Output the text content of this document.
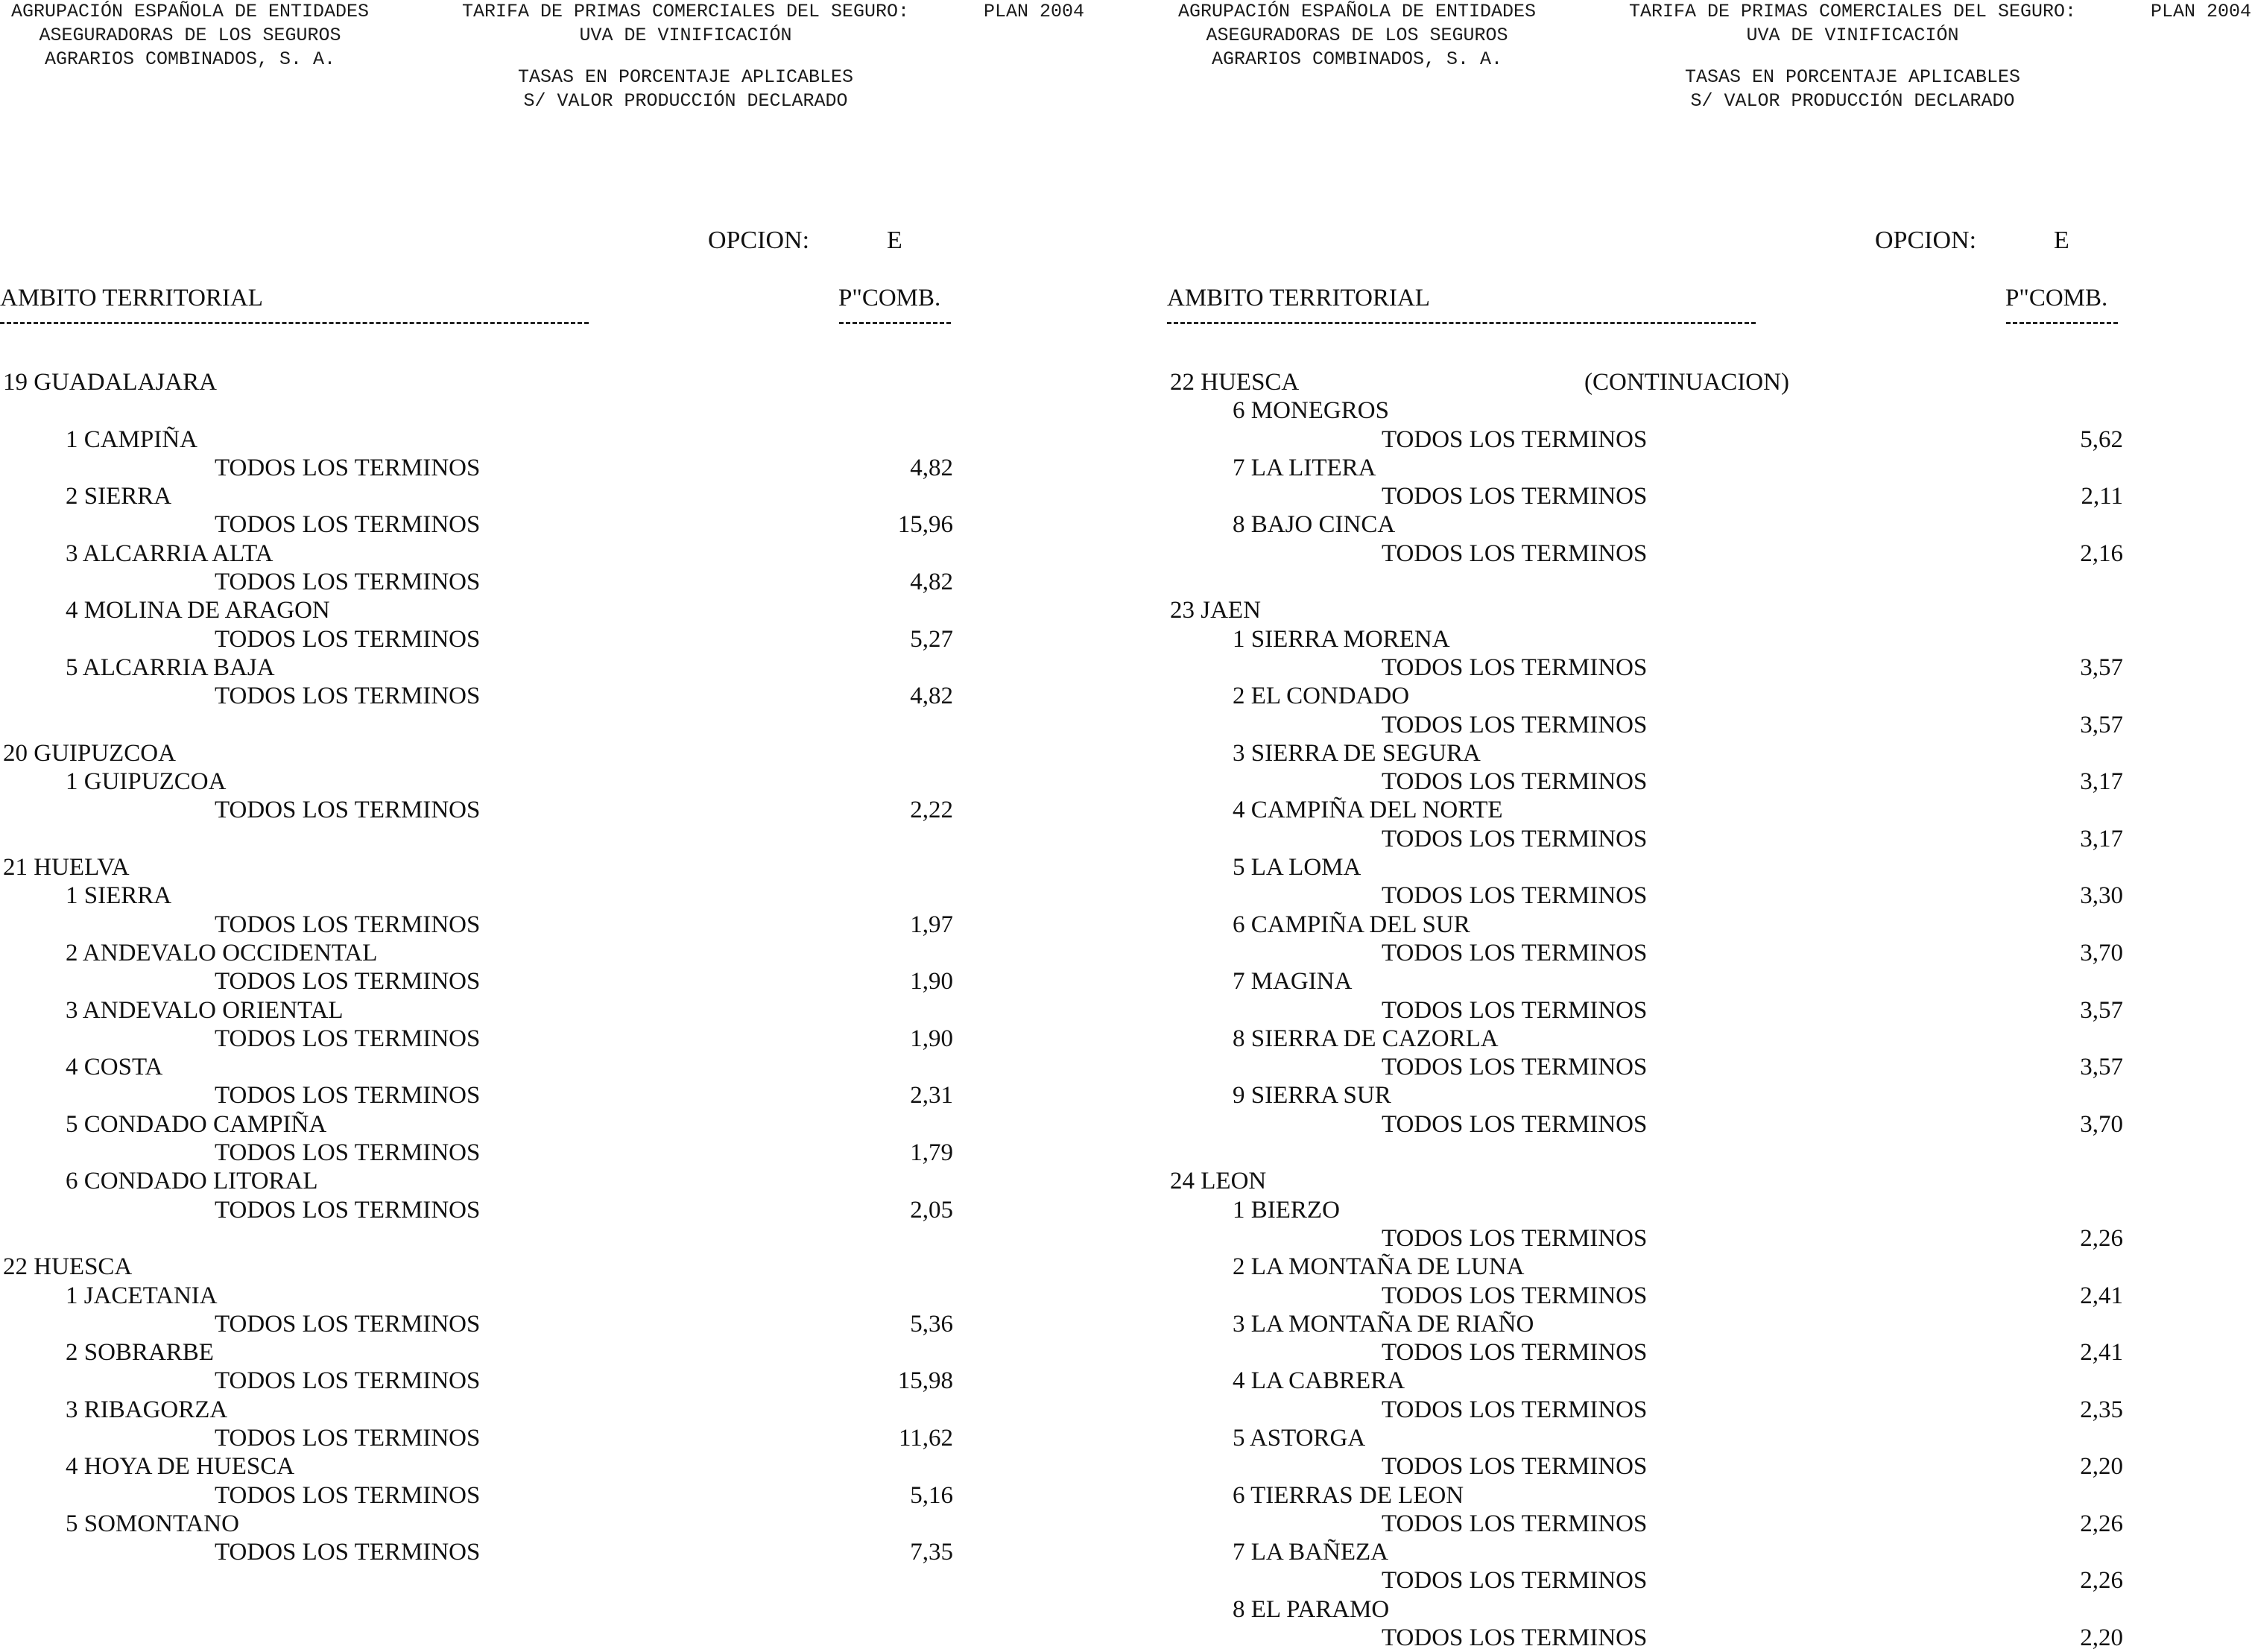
AGRUPACIÓN ESPAÑOLA DE ENTIDADES
ASEGURADORAS DE LOS SEGUROS
AGRARIOS COMBINADOS, S. A.
TARIFA DE PRIMAS COMERCIALES DEL SEGURO:
UVA DE VINIFICACIÓN
PLAN 2004
TASAS EN PORCENTAJE APLICABLES
S/ VALOR PRODUCCIÓN DECLARADO
OPCION:	E
AMBITO TERRITORIAL	P"COMB.
19 GUADALAJARA
1 CAMPIÑA
TODOS LOS TERMINOS	4,82
2 SIERRA
TODOS LOS TERMINOS	15,96
3 ALCARRIA ALTA
TODOS LOS TERMINOS	4,82
4 MOLINA DE ARAGON
TODOS LOS TERMINOS	5,27
5 ALCARRIA BAJA
TODOS LOS TERMINOS	4,82
20 GUIPUZCOA
1 GUIPUZCOA
TODOS LOS TERMINOS	2,22
21 HUELVA
1 SIERRA
TODOS LOS TERMINOS	1,97
2 ANDEVALO OCCIDENTAL
TODOS LOS TERMINOS	1,90
3 ANDEVALO ORIENTAL
TODOS LOS TERMINOS	1,90
4 COSTA
TODOS LOS TERMINOS	2,31
5 CONDADO CAMPIÑA
TODOS LOS TERMINOS	1,79
6 CONDADO LITORAL
TODOS LOS TERMINOS	2,05
22 HUESCA
1 JACETANIA
TODOS LOS TERMINOS	5,36
2 SOBRARBE
TODOS LOS TERMINOS	15,98
3 RIBAGORZA
TODOS LOS TERMINOS	11,62
4 HOYA DE HUESCA
TODOS LOS TERMINOS	5,16
5 SOMONTANO
TODOS LOS TERMINOS	7,35
AGRUPACIÓN ESPAÑOLA DE ENTIDADES
ASEGURADORAS DE LOS SEGUROS
AGRARIOS COMBINADOS, S. A.
TARIFA DE PRIMAS COMERCIALES DEL SEGURO:
UVA DE VINIFICACIÓN
PLAN 2004
TASAS EN PORCENTAJE APLICABLES
S/ VALOR PRODUCCIÓN DECLARADO
OPCION:	E
AMBITO TERRITORIAL	P"COMB.
22 HUESCA	(CONTINUACION)
6 MONEGROS
TODOS LOS TERMINOS	5,62
7 LA LITERA
TODOS LOS TERMINOS	2,11
8 BAJO CINCA
TODOS LOS TERMINOS	2,16
23 JAEN
1 SIERRA MORENA
TODOS LOS TERMINOS	3,57
2 EL CONDADO
TODOS LOS TERMINOS	3,57
3 SIERRA DE SEGURA
TODOS LOS TERMINOS	3,17
4 CAMPIÑA DEL NORTE
TODOS LOS TERMINOS	3,17
5 LA LOMA
TODOS LOS TERMINOS	3,30
6 CAMPIÑA DEL SUR
TODOS LOS TERMINOS	3,70
7 MAGINA
TODOS LOS TERMINOS	3,57
8 SIERRA DE CAZORLA
TODOS LOS TERMINOS	3,57
9 SIERRA SUR
TODOS LOS TERMINOS	3,70
24 LEON
1 BIERZO
TODOS LOS TERMINOS	2,26
2 LA MONTAÑA DE LUNA
TODOS LOS TERMINOS	2,41
3 LA MONTAÑA DE RIAÑO
TODOS LOS TERMINOS	2,41
4 LA CABRERA
TODOS LOS TERMINOS	2,35
5 ASTORGA
TODOS LOS TERMINOS	2,20
6 TIERRAS DE LEON
TODOS LOS TERMINOS	2,26
7 LA BAÑEZA
TODOS LOS TERMINOS	2,26
8 EL PARAMO
TODOS LOS TERMINOS	2,20
